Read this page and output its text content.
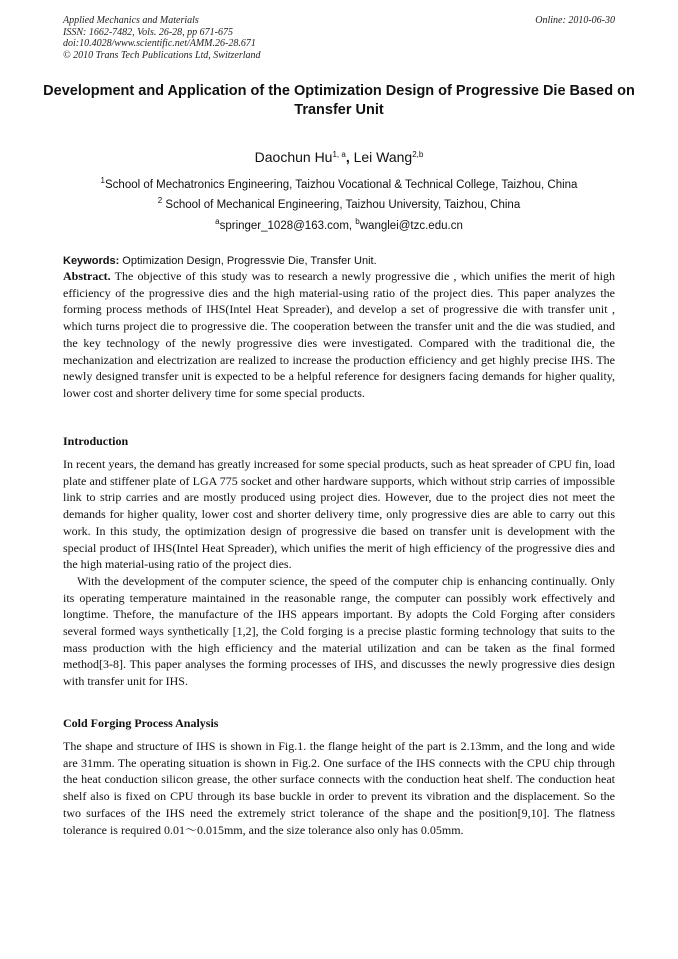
Applied Mechanics and Materials	Online: 2010-06-30
ISSN: 1662-7482, Vols. 26-28, pp 671-675
doi:10.4028/www.scientific.net/AMM.26-28.671
© 2010 Trans Tech Publications Ltd, Switzerland
Development and Application of the Optimization Design of Progressive Die Based on Transfer Unit
Daochun Hu$^{1, a}$, Lei Wang$^{2,b}$
$^1$School of Mechatronics Engineering, Taizhou Vocational & Technical College, Taizhou, China
$^2$ School of Mechanical Engineering, Taizhou University, Taizhou, China
$^a$springer_1028@163.com, $^b$wanglei@tzc.edu.cn
Keywords: Optimization Design, Progressvie Die, Transfer Unit.

Abstract. The objective of this study was to research a newly progressive die , which unifies the merit of high efficiency of the progressive dies and the high material-using ratio of the project dies. This paper analyzes the forming process methods of IHS(Intel Heat Spreader), and develop a set of progressive die with transfer unit , which turns project die to progressive die. The cooperation between the transfer unit and the die was studied, and the key technology of the newly progressive dies were investigated. Compared with the traditional die, the mechanization and electrization are realized to increase the production efficiency and get highly precise IHS. The newly designed transfer unit is expected to be a helpful reference for designers facing demands for higher quality, lower cost and shorter delivery time for some special products.

Introduction

In recent years, the demand has greatly increased for some special products, such as heat spreader of CPU fin, load plate and stiffener plate of LGA 775 socket and other hardware supports, which without strip carries of impossible link to strip carries and are mostly produced using project dies. However, due to the project dies not meet the demands for higher quality, lower cost and shorter delivery time, only progressive dies are able to carry out this work. In this study, the optimization design of progressive die based on transfer unit is development with the special product of IHS(Intel Heat Spreader), which unifies the merit of high efficiency of the progressive dies and the high material-using ratio of the project dies.

With the development of the computer science, the speed of the computer chip is enhancing continually. Only its operating temperature maintained in the reasonable range, the computer can possibly work effectively and longtime. Thefore, the manufacture of the IHS appears important. By adopts the Cold Forging after considers several formed ways synthetically [1,2], the Cold forging is a precise plastic forming technology that suits to the mass production with the high efficiency and the material utilization and can be taken as the final formed method[3-8]. This paper analyses the forming processes of IHS, and discusses the newly progressive dies design with transfer unit for IHS.

Cold Forging Process Analysis

The shape and structure of IHS is shown in Fig.1. the flange height of the part is 2.13mm, and the long and wide are 31mm. The operating situation is shown in Fig.2. One surface of the IHS connects with the CPU chip through the heat conduction silicon grease, the other surface connects with the conduction heat shelf. The conduction heat shelf also is fixed on CPU through its base buckle in order to prevent its vibration and the displacement. So the two surfaces of the IHS need the extremely strict tolerance of the shape and the position[9,10]. The flatness tolerance is required 0.01～0.015mm, and the size tolerance also only has 0.05mm.
